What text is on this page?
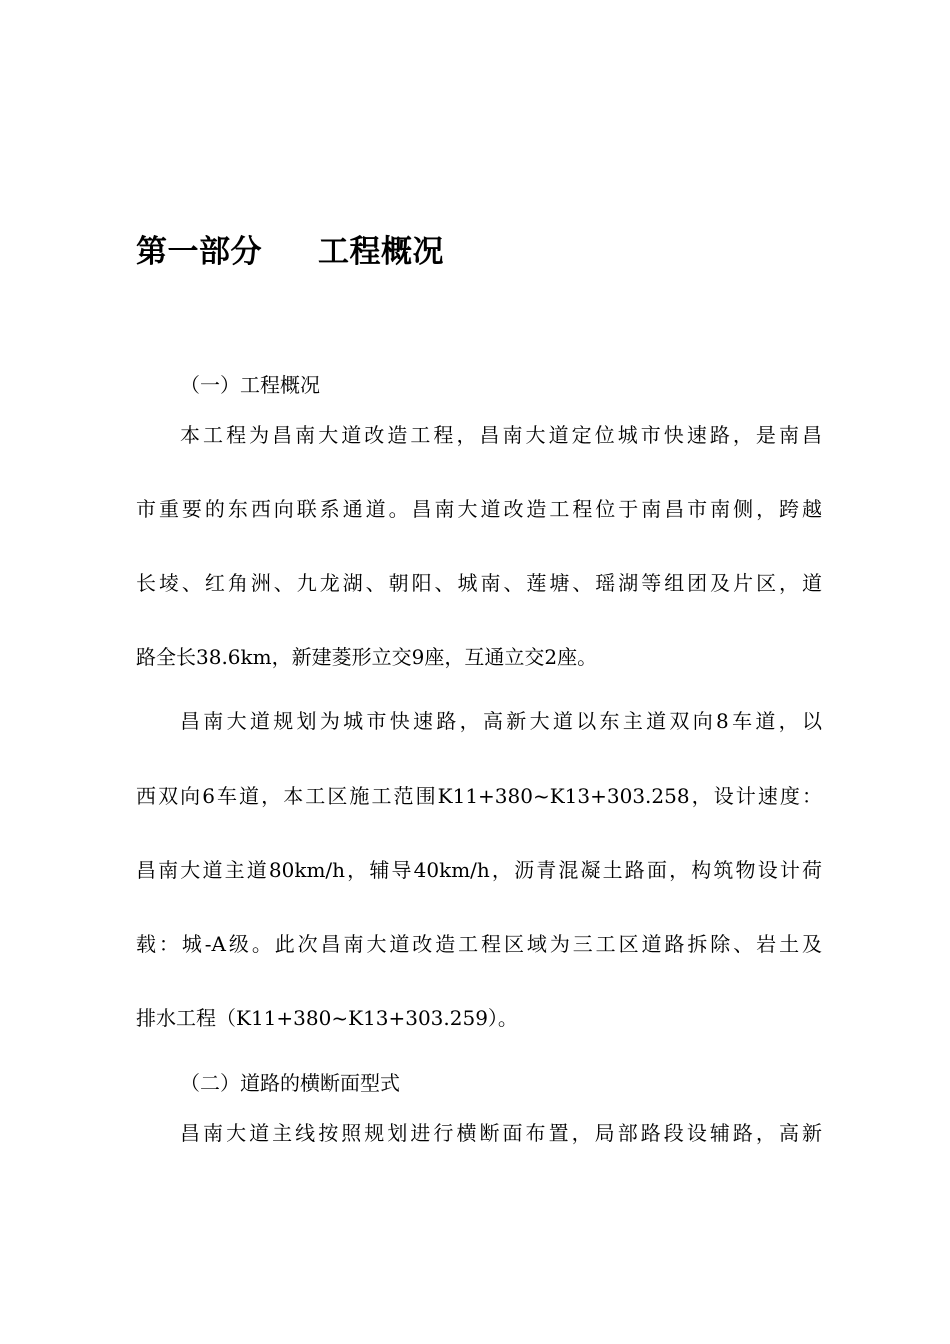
第一部分 工程概况

（一）工程概况

本工程为昌南大道改造工程，昌南大道定位城市快速路，是南昌

市重要的东西向联系通道。昌南大道改造工程位于南昌市南侧，跨越

长堎、红角洲、九龙湖、朝阳、城南、莲塘、瑶湖等组团及片区，道

路全长38.6km，新建菱形立交9座，互通立交2座。

昌南大道规划为城市快速路，高新大道以东主道双向8车道，以

西双向6车道，本工区施工范围K11+380~K13+303.258，设计速度：

昌南大道主道80km/h，辅导40km/h，沥青混凝土路面，构筑物设计荷

载：城-A级。此次昌南大道改造工程区域为三工区道路拆除、岩土及

排水工程（K11+380~K13+303.259）。

（二）道路的横断面型式

昌南大道主线按照规划进行横断面布置，局部路段设辅路，高新
